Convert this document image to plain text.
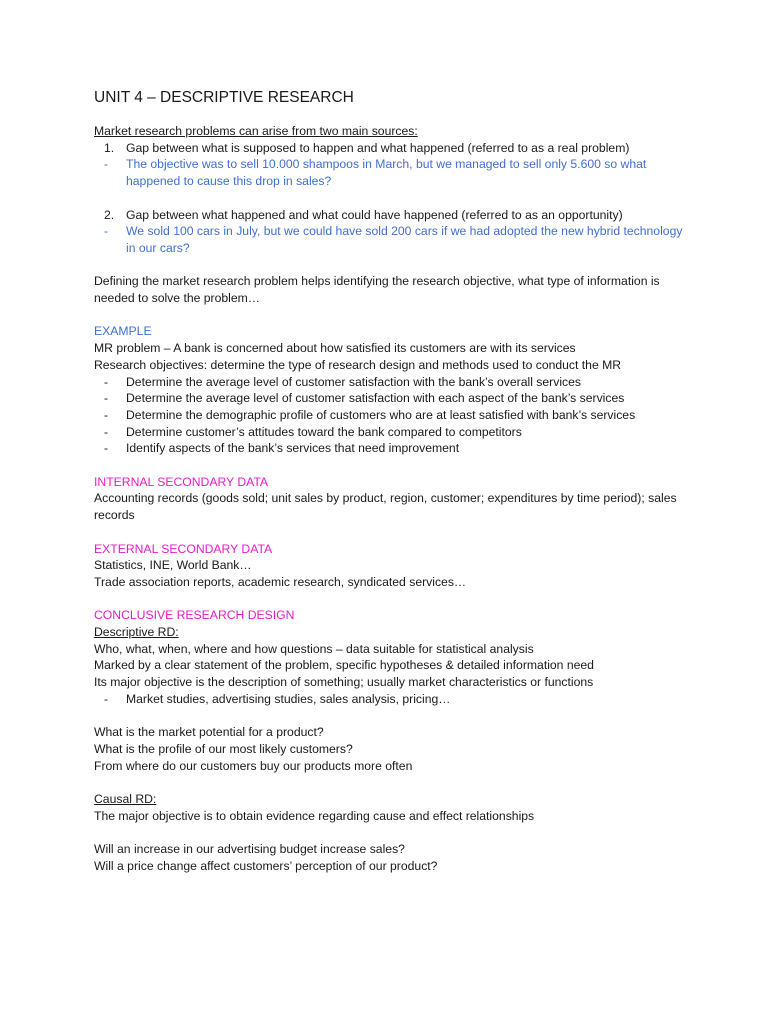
UNIT 4 – DESCRIPTIVE RESEARCH

Market research problems can arise from two main sources:

1. Gap between what is supposed to happen and what happened (referred to as a real problem)
-	The objective was to sell 10.000 shampoos in March, but we managed to sell only 5.600 so what happened to cause this drop in sales?
2. Gap between what happened and what could have happened (referred to as an opportunity)
-	We sold 100 cars in July, but we could have sold 200 cars if we had adopted the new hybrid technology in our cars?

Defining the market research problem helps identifying the research objective, what type of information is needed to solve the problem…

EXAMPLE

MR problem – A bank is concerned about how satisfied its customers are with its services

Research objectives: determine the type of research design and methods used to conduct the MR

-	Determine the average level of customer satisfaction with the bank’s overall services
-	Determine the average level of customer satisfaction with each aspect of the bank’s services
-	Determine the demographic profile of customers who are at least satisfied with bank’s services
-	Determine customer’s attitudes toward the bank compared to competitors
-	Identify aspects of the bank’s services that need improvement

INTERNAL SECONDARY DATA

Accounting records (goods sold; unit sales by product, region, customer; expenditures by time period); sales records

EXTERNAL SECONDARY DATA

Statistics, INE, World Bank…

Trade association reports, academic research, syndicated services…

CONCLUSIVE RESEARCH DESIGN

Descriptive RD:

Who, what, when, where and how questions – data suitable for statistical analysis

Marked by a clear statement of the problem, specific hypotheses & detailed information need

Its major objective is the description of something; usually market characteristics or functions

-	Market studies, advertising studies, sales analysis, pricing…

What is the market potential for a product?

What is the profile of our most likely customers?

From where do our customers buy our products more often

Causal RD:

The major objective is to obtain evidence regarding cause and effect relationships

Will an increase in our advertising budget increase sales?

Will a price change affect customers’ perception of our product?
